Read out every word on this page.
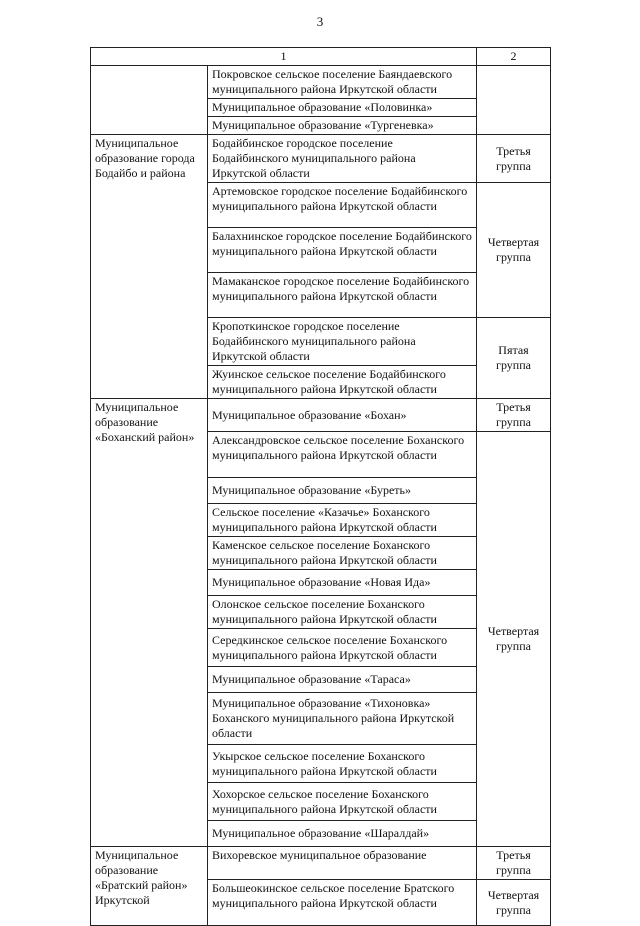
3
1		2
	Покровское сельское поселение Баяндаевского муниципального района Иркутской области	
	Муниципальное образование «Половинка»	
	Муниципальное образование «Тургеневка»	
Муниципальное образование города Бодайбо и района	Бодайбинское городское поселение Бодайбинского муниципального района Иркутской области	Третья группа
	Артемовское городское поселение Бодайбинского муниципального района Иркутской области	Четвертая группа
	Балахнинское городское поселение Бодайбинского муниципального района Иркутской области	
	Мамаканское городское поселение Бодайбинского муниципального района Иркутской области	
	Кропоткинское городское поселение Бодайбинского муниципального района Иркутской области	Пятая группа
	Жуинское сельское поселение Бодайбинского муниципального района Иркутской области	
Муниципальное образование «Боханский район»	Муниципальное образование «Бохан»	Третья группа
	Александровское сельское поселение Боханского муниципального района Иркутской области	Четвертая группа
	Муниципальное образование «Буреть»	
	Сельское поселение «Казачье» Боханского муниципального района Иркутской области	
	Каменское сельское поселение Боханского муниципального района Иркутской области	
	Муниципальное образование «Новая Ида»	
	Олонское сельское поселение Боханского муниципального района Иркутской области	
	Середкинское сельское поселение Боханского муниципального района Иркутской области	
	Муниципальное образование «Тараса»	
	Муниципальное образование «Тихоновка» Боханского муниципального района Иркутской области	
	Укырское сельское поселение Боханского муниципального района Иркутской области	
	Хохорское сельское поселение Боханского муниципального района Иркутской области	
	Муниципальное образование «Шаралдай»	
Муниципальное образование «Братский район» Иркутской	Вихоревское муниципальное образование	Третья группа
	Большеокинское сельское поселение Братского муниципального района Иркутской области	Четвертая группа
